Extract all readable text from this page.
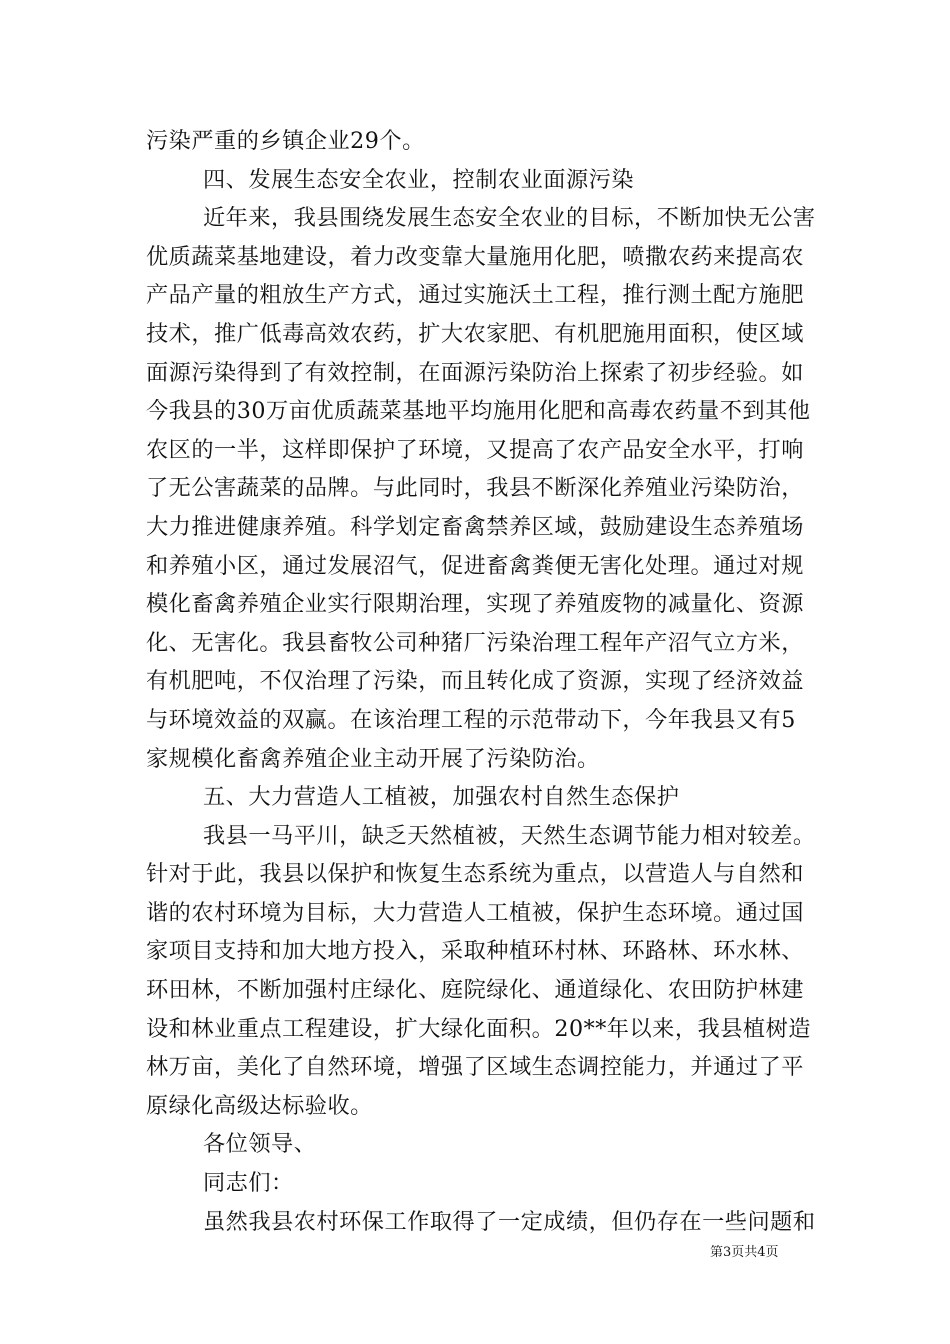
污染严重的乡镇企业29个。
四、发展生态安全农业，控制农业面源污染
近年来，我县围绕发展生态安全农业的目标，不断加快无公害
优质蔬菜基地建设，着力改变靠大量施用化肥，喷撒农药来提高农
产品产量的粗放生产方式，通过实施沃土工程，推行测土配方施肥
技术，推广低毒高效农药，扩大农家肥、有机肥施用面积，使区域
面源污染得到了有效控制，在面源污染防治上探索了初步经验。如
今我县的30万亩优质蔬菜基地平均施用化肥和高毒农药量不到其他
农区的一半，这样即保护了环境，又提高了农产品安全水平，打响
了无公害蔬菜的品牌。与此同时，我县不断深化养殖业污染防治，
大力推进健康养殖。科学划定畜禽禁养区域，鼓励建设生态养殖场
和养殖小区，通过发展沼气，促进畜禽粪便无害化处理。通过对规
模化畜禽养殖企业实行限期治理，实现了养殖废物的减量化、资源
化、无害化。我县畜牧公司种猪厂污染治理工程年产沼气立方米，
有机肥吨，不仅治理了污染，而且转化成了资源，实现了经济效益
与环境效益的双赢。在该治理工程的示范带动下，今年我县又有5
家规模化畜禽养殖企业主动开展了污染防治。
五、大力营造人工植被，加强农村自然生态保护
我县一马平川，缺乏天然植被，天然生态调节能力相对较差。
针对于此，我县以保护和恢复生态系统为重点，以营造人与自然和
谐的农村环境为目标，大力营造人工植被，保护生态环境。通过国
家项目支持和加大地方投入，采取种植环村林、环路林、环水林、
环田林，不断加强村庄绿化、庭院绿化、通道绿化、农田防护林建
设和林业重点工程建设，扩大绿化面积。20**年以来，我县植树造
林万亩，美化了自然环境，增强了区域生态调控能力，并通过了平
原绿化高级达标验收。
各位领导、
同志们：
虽然我县农村环保工作取得了一定成绩，但仍存在一些问题和
第3页共4页
